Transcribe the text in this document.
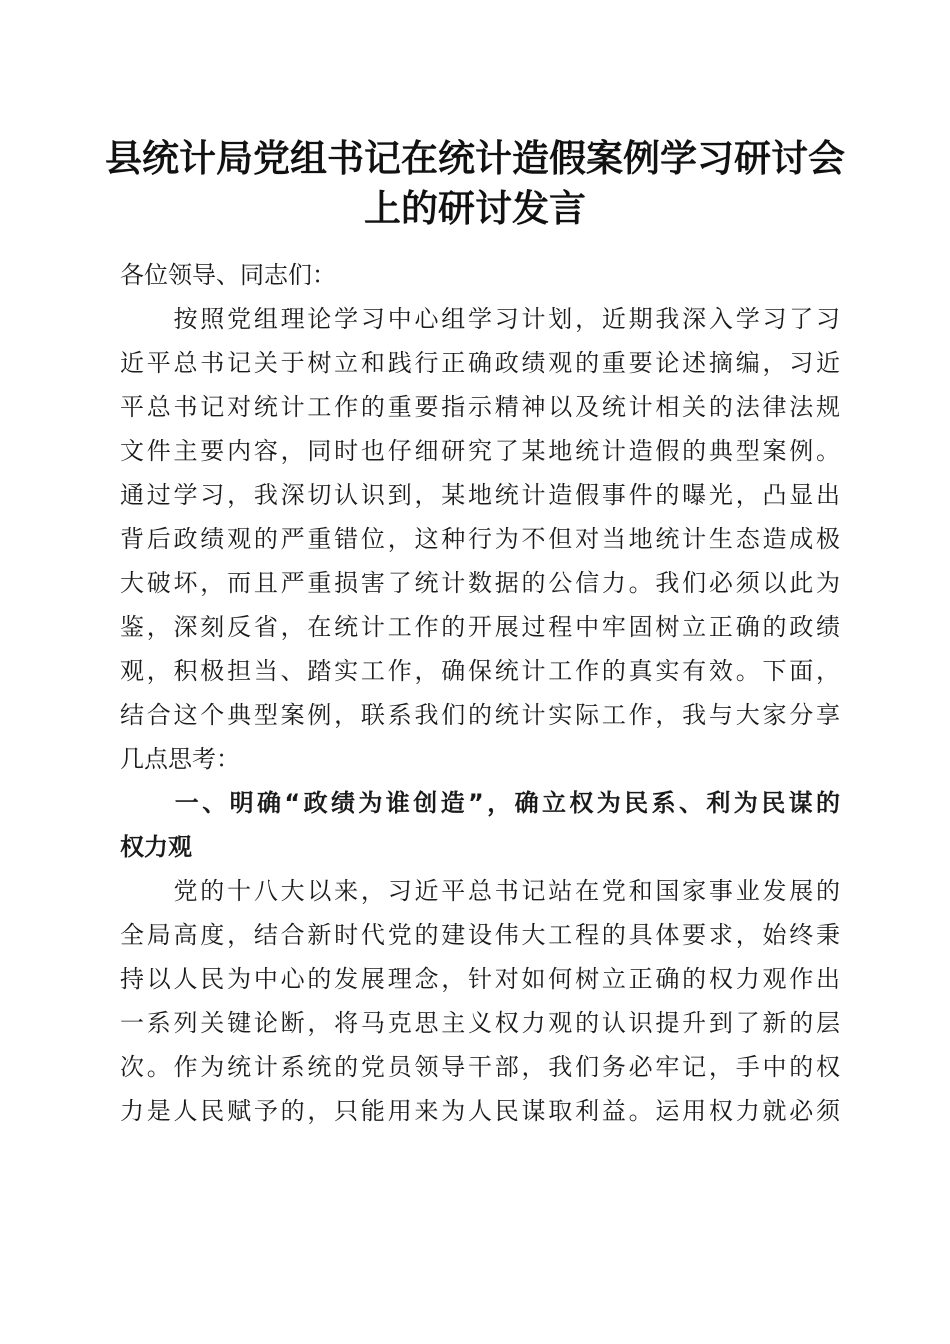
县统计局党组书记在统计造假案例学习研讨会
上的研讨发言
各位领导、同志们：
　　按照党组理论学习中心组学习计划，近期我深入学习了习
近平总书记关于树立和践行正确政绩观的重要论述摘编，习近
平总书记对统计工作的重要指示精神以及统计相关的法律法规
文件主要内容，同时也仔细研究了某地统计造假的典型案例。
通过学习，我深切认识到，某地统计造假事件的曝光，凸显出
背后政绩观的严重错位，这种行为不但对当地统计生态造成极
大破坏，而且严重损害了统计数据的公信力。我们必须以此为
鉴，深刻反省，在统计工作的开展过程中牢固树立正确的政绩
观，积极担当、踏实工作，确保统计工作的真实有效。下面，
结合这个典型案例，联系我们的统计实际工作，我与大家分享
几点思考：
　　一、明确“政绩为谁创造”，确立权为民系、利为民谋的
权力观
　　党的十八大以来，习近平总书记站在党和国家事业发展的
全局高度，结合新时代党的建设伟大工程的具体要求，始终秉
持以人民为中心的发展理念，针对如何树立正确的权力观作出
一系列关键论断，将马克思主义权力观的认识提升到了新的层
次。作为统计系统的党员领导干部，我们务必牢记，手中的权
力是人民赋予的，只能用来为人民谋取利益。运用权力就必须
